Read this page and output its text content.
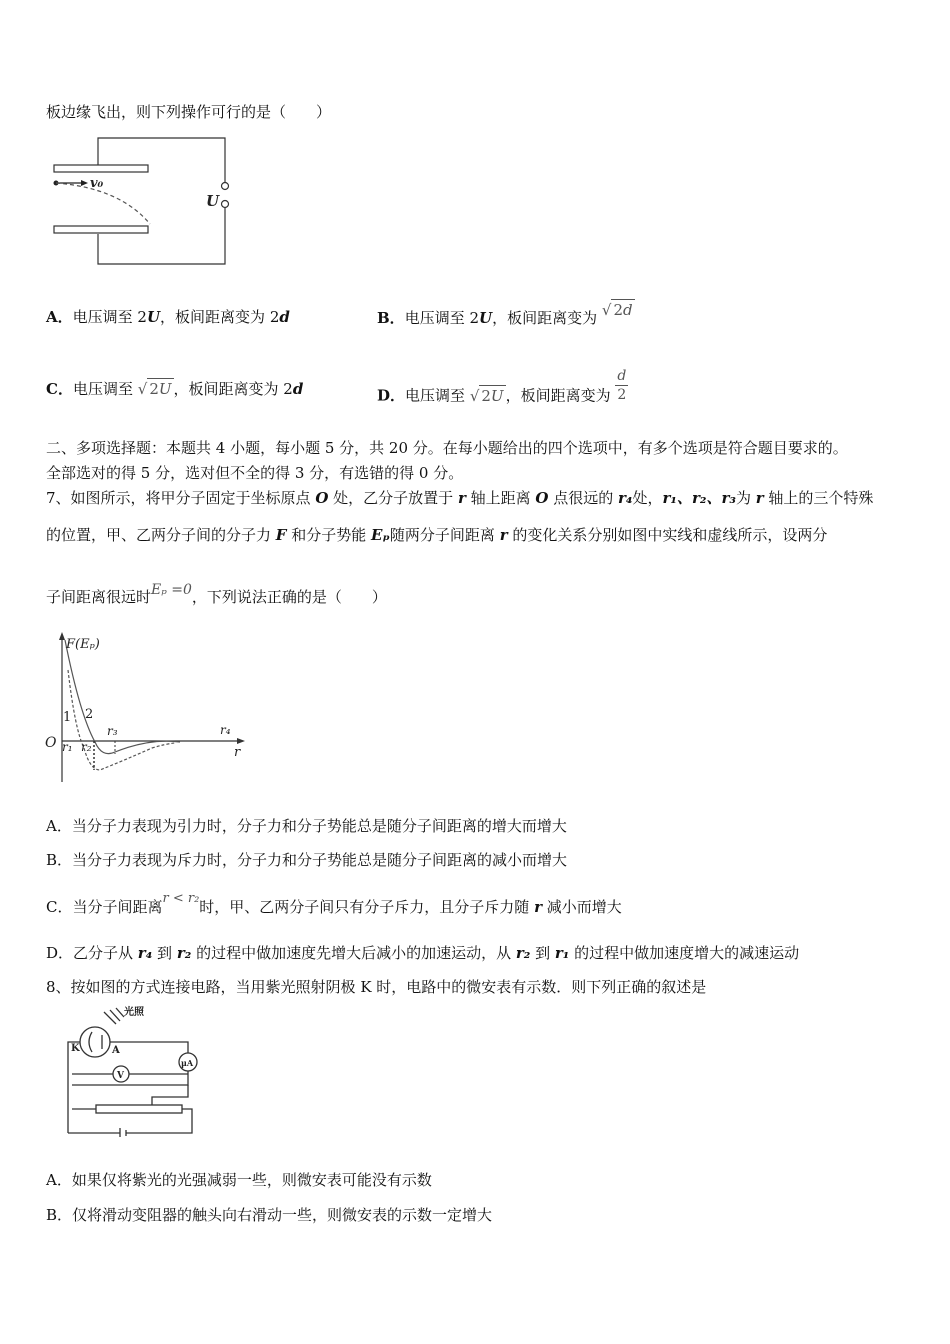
板边缘飞出，则下列操作可行的是（　　）
v₀
U
A．电压调至 2U，板间距离变为 2d	B．电压调至 2U，板间距离变为 √ 2d
C．电压调至 √ 2U ，板间距离变为 2d	D．电压调至 √ 2U ，板间距离变为 $\frac{d}{2}$
二、多项选择题：本题共 4 小题，每小题 5 分，共 20 分。在每小题给出的四个选项中，有多个选项是符合题目要求的。
全部选对的得 5 分，选对但不全的得 3 分，有选错的得 0 分。
7、如图所示，将甲分子固定于坐标原点 O 处，乙分子放置于 r 轴上距离 O 点很远的 r₄处，r₁、r₂、r₃为 r 轴上的三个特殊
的位置，甲、乙两分子间的分子力 F 和分子势能 Eₚ随两分子间距离 r 的变化关系分别如图中实线和虚线所示，设两分
子间距离很远时Eₚ =0，下列说法正确的是（　　）
F(Eₚ)
O
r
r₄
r₁ r₂
r₃
1 2
A．当分子力表现为引力时，分子力和分子势能总是随分子间距离的增大而增大
B．当分子力表现为斥力时，分子力和分子势能总是随分子间距离的减小而增大
C．当分子间距离r < r₂时，甲、乙两分子间只有分子斥力，且分子斥力随 r 减小而增大
D．乙分子从 r₄ 到 r₂ 的过程中做加速度先增大后减小的加速运动，从 r₂ 到 r₁ 的过程中做加速度增大的减速运动
8、按如图的方式连接电路，当用紫光照射阴极 K 时，电路中的微安表有示数．则下列正确的叙述是
光照
K	A
μA
V
A．如果仅将紫光的光强减弱一些，则微安表可能没有示数
B．仅将滑动变阻器的触头向右滑动一些，则微安表的示数一定增大
